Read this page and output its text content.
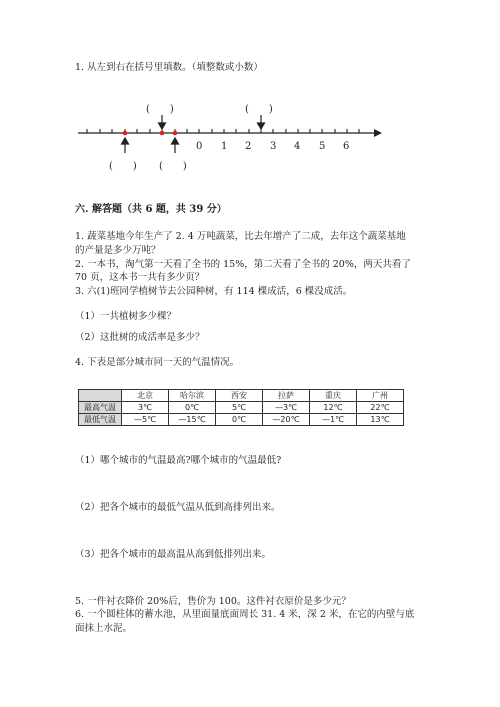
1. 从左到右在括号里填数。（填整数或小数）
0 1 2 3 4 5 6
(　　)	(　　)
(　　) (　　)
六. 解答题（共 6 题，共 39 分）
1. 蔬菜基地今年生产了 2. 4 万吨蔬菜，比去年增产了二成，去年这个蔬菜基地
的产量是多少万吨？
2. 一本书，淘气第一天看了全书的 15%，第二天看了全书的 20%，两天共看了
70 页，这本书一共有多少页？
3. 六(1)班同学植树节去公园种树，有 114 棵成活，6 棵没成活。
（1）一共植树多少棵？
（2）这批树的成活率是多少？
4. 下表是部分城市同一天的气温情况。
	北京	哈尔滨	西安	拉萨	重庆	广州
最高气温	3℃	0℃	5℃	—3℃	12℃	22℃
最低气温	—5℃	—15℃	0℃	—20℃	—1℃	13℃
（1）哪个城市的气温最高?哪个城市的气温最低?
（2）把各个城市的最低气温从低到高排列出来。
（3）把各个城市的最高温从高到低排列出来。
5. 一件衬衣降价 20%后，售价为 100。这件衬衣原价是多少元？
6. 一个圆柱体的蓄水池，从里面量底面周长 31. 4 米，深 2 米，在它的内壁与底
面抹上水泥。
